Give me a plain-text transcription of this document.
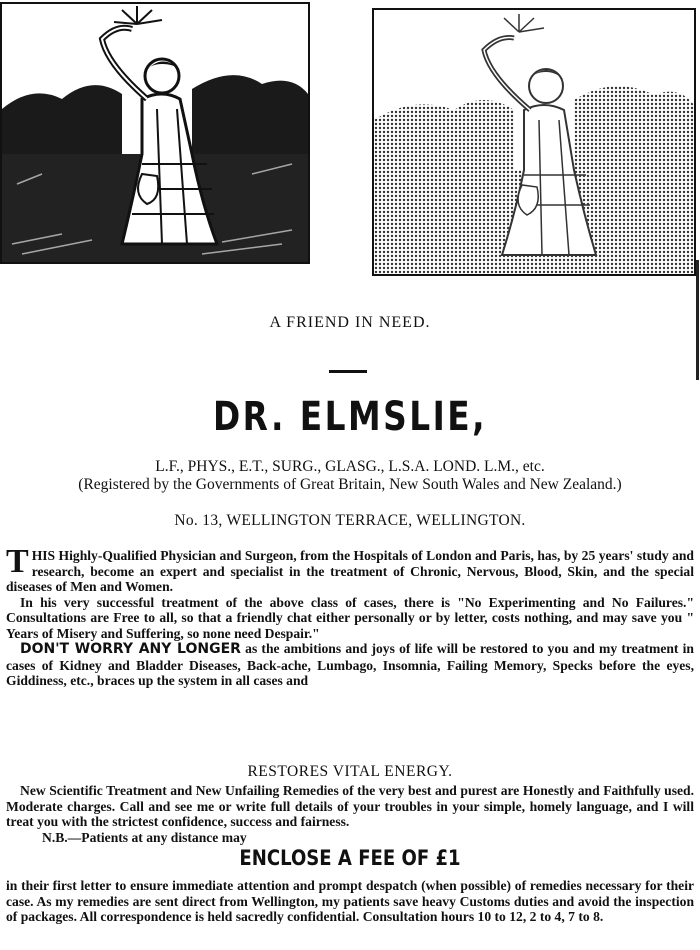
A FRIEND IN NEED.
DR. ELMSLIE,
L.F., PHYS., E.T., SURG., GLASG., L.S.A. LOND. L.M., etc.
(Registered by the Governments of Great Britain, New South Wales and New Zealand.)
No. 13, WELLINGTON TERRACE, WELLINGTON.

THIS Highly-Qualified Physician and Surgeon, from the Hospitals of London and Paris, has, by 25 years' study and research, become an expert and specialist in the treatment of Chronic, Nervous, Blood, Skin, and the special diseases of Men and Women.

In his very successful treatment of the above class of cases, there is "No Experimenting and No Failures." Consultations are Free to all, so that a friendly chat either personally or by letter, costs nothing, and may save you " Years of Misery and Suffering, so none need Despair."

DON'T WORRY ANY LONGER as the ambitions and joys of life will be restored to you and my treatment in cases of Kidney and Bladder Diseases, Back-ache, Lumbago, Insomnia, Failing Memory, Specks before the eyes, Giddiness, etc., braces up the system in all cases and

RESTORES VITAL ENERGY.

New Scientific Treatment and New Unfailing Remedies of the very best and purest are Honestly and Faithfully used. Moderate charges. Call and see me or write full details of your troubles in your simple, homely language, and I will treat you with the strictest confidence, success and fairness.

N.B.—Patients at any distance may

ENCLOSE A FEE OF £1

in their first letter to ensure immediate attention and prompt despatch (when possible) of remedies necessary for their case. As my remedies are sent direct from Wellington, my patients save heavy Customs duties and avoid the inspection of packages. All correspondence is held sacredly confidential. Consultation hours 10 to 12, 2 to 4, 7 to 8.
